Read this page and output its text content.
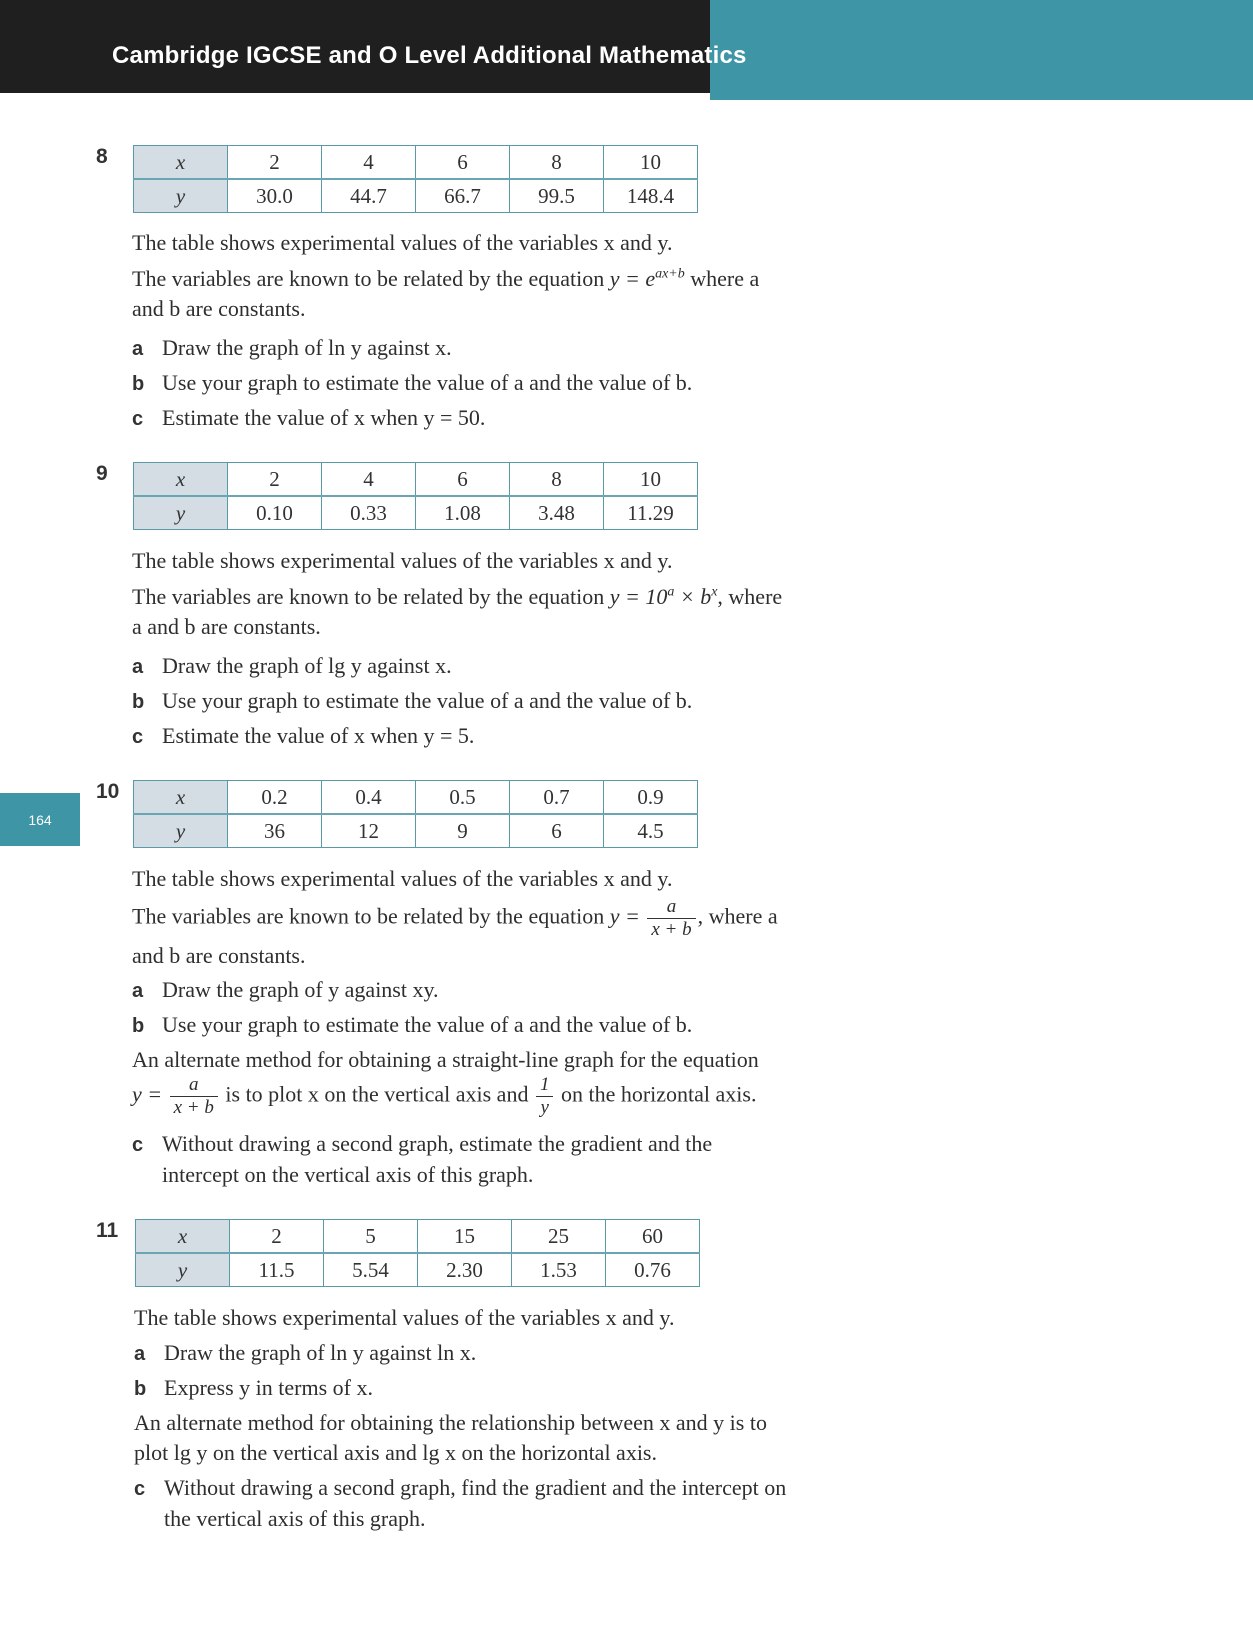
Cambridge IGCSE and O Level Additional Mathematics
164
8	x	2	4	6	8	10
y	30.0	44.7	66.7	99.5	148.4
The table shows experimental values of the variables x and y.
The variables are known to be related by the equation $y = e^{ax+b}$ where a
and b are constants.
a Draw the graph of ln y against x.
b Use your graph to estimate the value of a and the value of b.
c Estimate the value of x when y = 50.
9	x	2	4	6	8	10
y	0.10	0.33	1.08	3.48	11.29
The table shows experimental values of the variables x and y.
The variables are known to be related by the equation $y = 10^a \times b^x$, where
a and b are constants.
a Draw the graph of lg y against x.
b Use your graph to estimate the value of a and the value of b.
c Estimate the value of x when y = 5.
10	x	0.2	0.4	0.5	0.7	0.9
y	36	12	9	6	4.5
The table shows experimental values of the variables x and y.
The variables are known to be related by the equation $y = \frac{a}{x + b}$ , where a
and b are constants.
a Draw the graph of y against xy.
b Use your graph to estimate the value of a and the value of b.
An alternate method for obtaining a straight-line graph for the equation
$y = \frac{a}{x + b}$ is to plot x on the vertical axis and $\frac{1}{y}$ on the horizontal axis.
c Without drawing a second graph, estimate the gradient and the
intercept on the vertical axis of this graph.
11	x	2	5	15	25	60
y	11.5	5.54	2.30	1.53	0.76
The table shows experimental values of the variables x and y.
a Draw the graph of ln y against ln x.
b Express y in terms of x.
An alternate method for obtaining the relationship between x and y is to
plot lg y on the vertical axis and lg x on the horizontal axis.
c Without drawing a second graph, find the gradient and the intercept on
the vertical axis of this graph.
